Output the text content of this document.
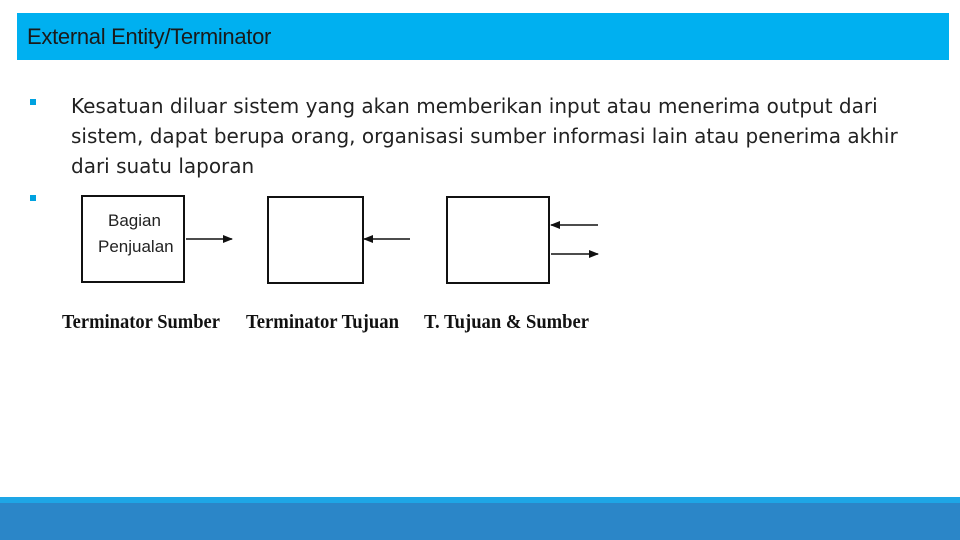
External Entity/Terminator
Kesatuan diluar sistem yang akan memberikan input atau menerima output dari sistem, dapat berupa orang, organisasi sumber informasi lain atau penerima akhir dari suatu laporan
Bagian
Penjualan
Terminator Sumber Terminator Tujuan T. Tujuan & Sumber
